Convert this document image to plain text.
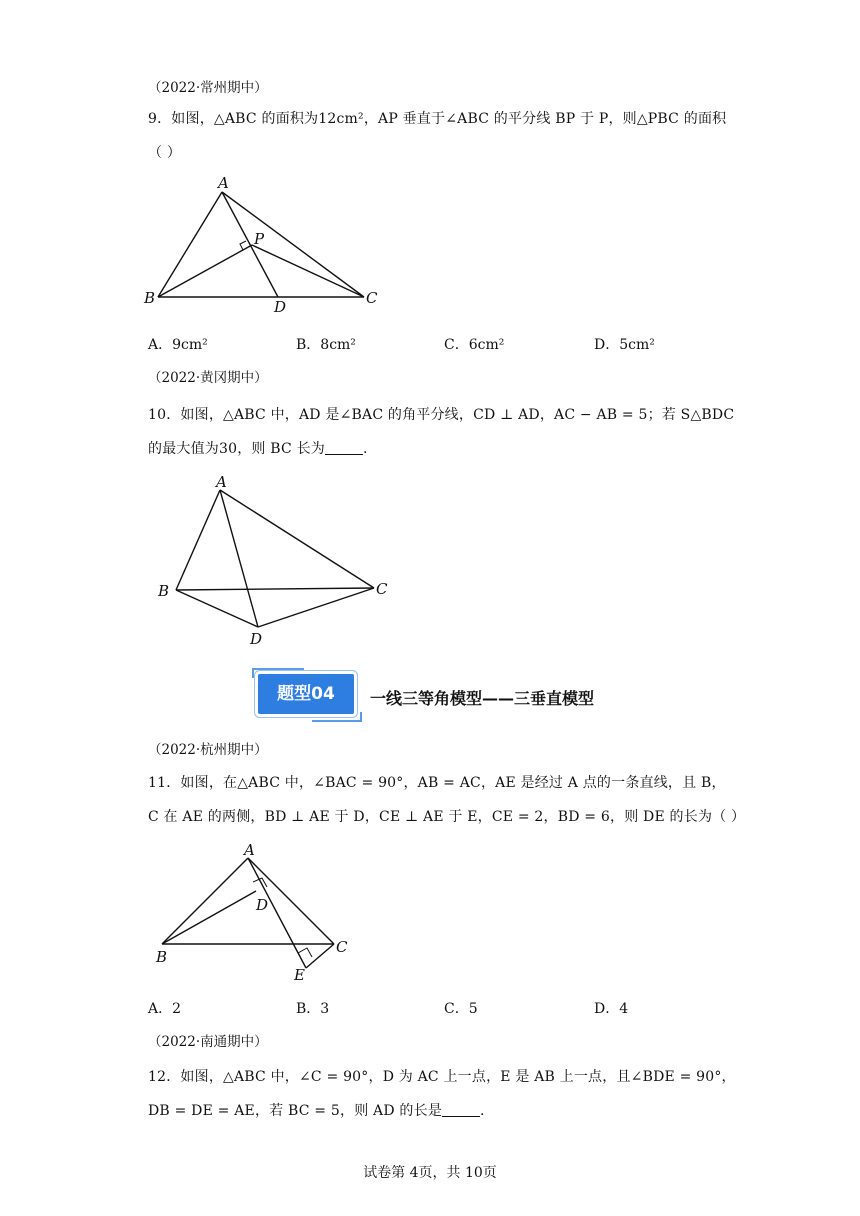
（2022·常州期中）
9．如图，△ABC 的面积为12cm²，AP 垂直于∠ABC 的平分线 BP 于 P，则△PBC 的面积
（ ）
A
P
B	D	C
A．9cm²	B．8cm²	C．6cm²	D．5cm²
（2022·黄冈期中）
10．如图，△ABC 中，AD 是∠BAC 的角平分线，CD ⊥ AD，AC − AB = 5；若 S△BDC
的最大值为30，则 BC 长为	.
A
B	C
D
题型04	一线三等角模型——三垂直模型
（2022·杭州期中）
11．如图，在△ABC 中，∠BAC = 90°，AB = AC，AE 是经过 A 点的一条直线，且 B，
C 在 AE 的两侧，BD ⊥ AE 于 D，CE ⊥ AE 于 E，CE = 2，BD = 6，则 DE 的长为（ ）
A
D
B
E
C
A．2	B．3	C．5	D．4
（2022·南通期中）
12．如图，△ABC 中，∠C = 90°，D 为 AC 上一点，E 是 AB 上一点，且∠BDE = 90°，
DB = DE = AE，若 BC = 5，则 AD 的长是	.
试卷第 4页，共 10页
